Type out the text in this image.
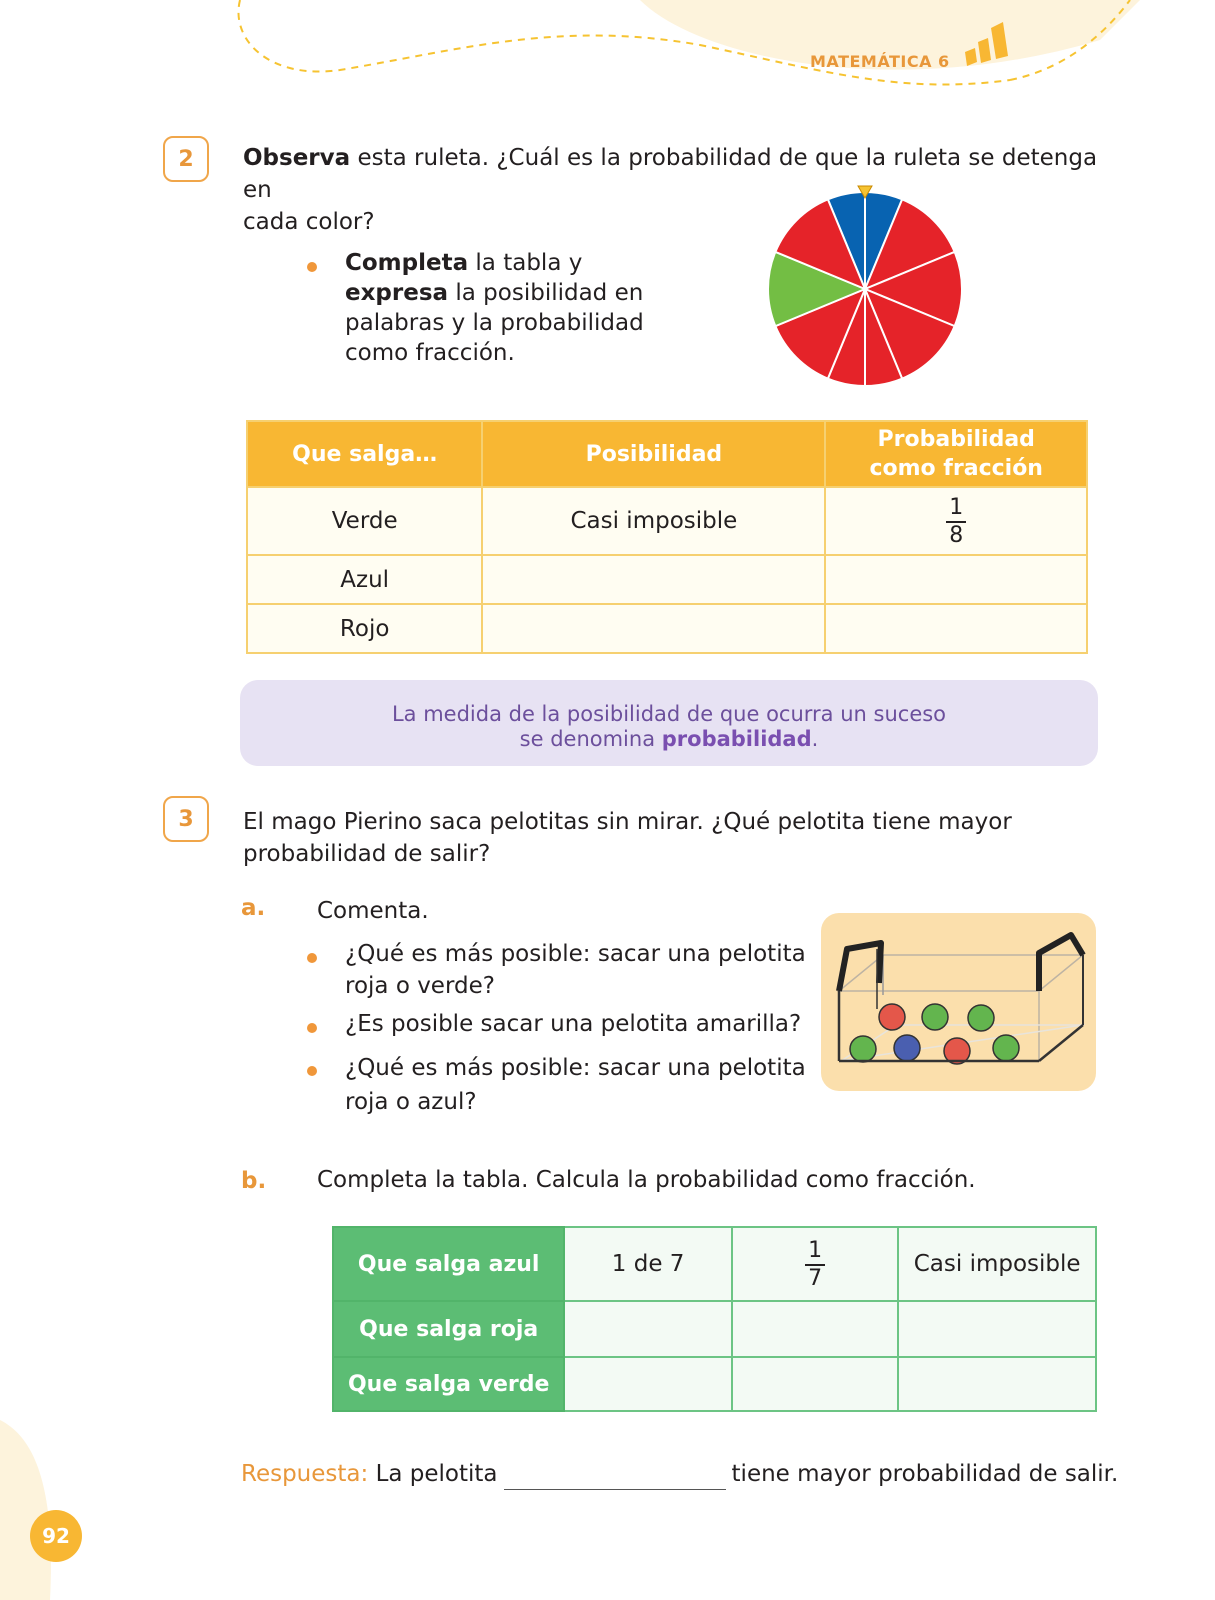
MATEMÁTICA 6
2	Observa esta ruleta. ¿Cuál es la probabilidad de que la ruleta se detenga en
cada color?
Completa la tabla y
expresa la posibilidad en
palabras y la probabilidad
como fracción.
Que salga…	Posibilidad	Probabilidad
como fracción
Verde	Casi imposible	$\frac{1}{8}$

Azul		
Rojo		
La medida de la posibilidad de que ocurra un suceso
se denomina probabilidad.
3	El mago Pierino saca pelotitas sin mirar. ¿Qué pelotita tiene mayor
probabilidad de salir?
a. Comenta.
¿Qué es más posible: sacar una pelotita
roja o verde?
¿Es posible sacar una pelotita amarilla?
¿Qué es más posible: sacar una pelotita
roja o azul?
b. Completa la tabla. Calcula la probabilidad como fracción.
Que salga azul	1 de 7	$\frac{1}{7}$	Casi imposible
Que salga roja			
Que salga verde			
Respuesta: La pelotita	tiene mayor probabilidad de salir.
92
